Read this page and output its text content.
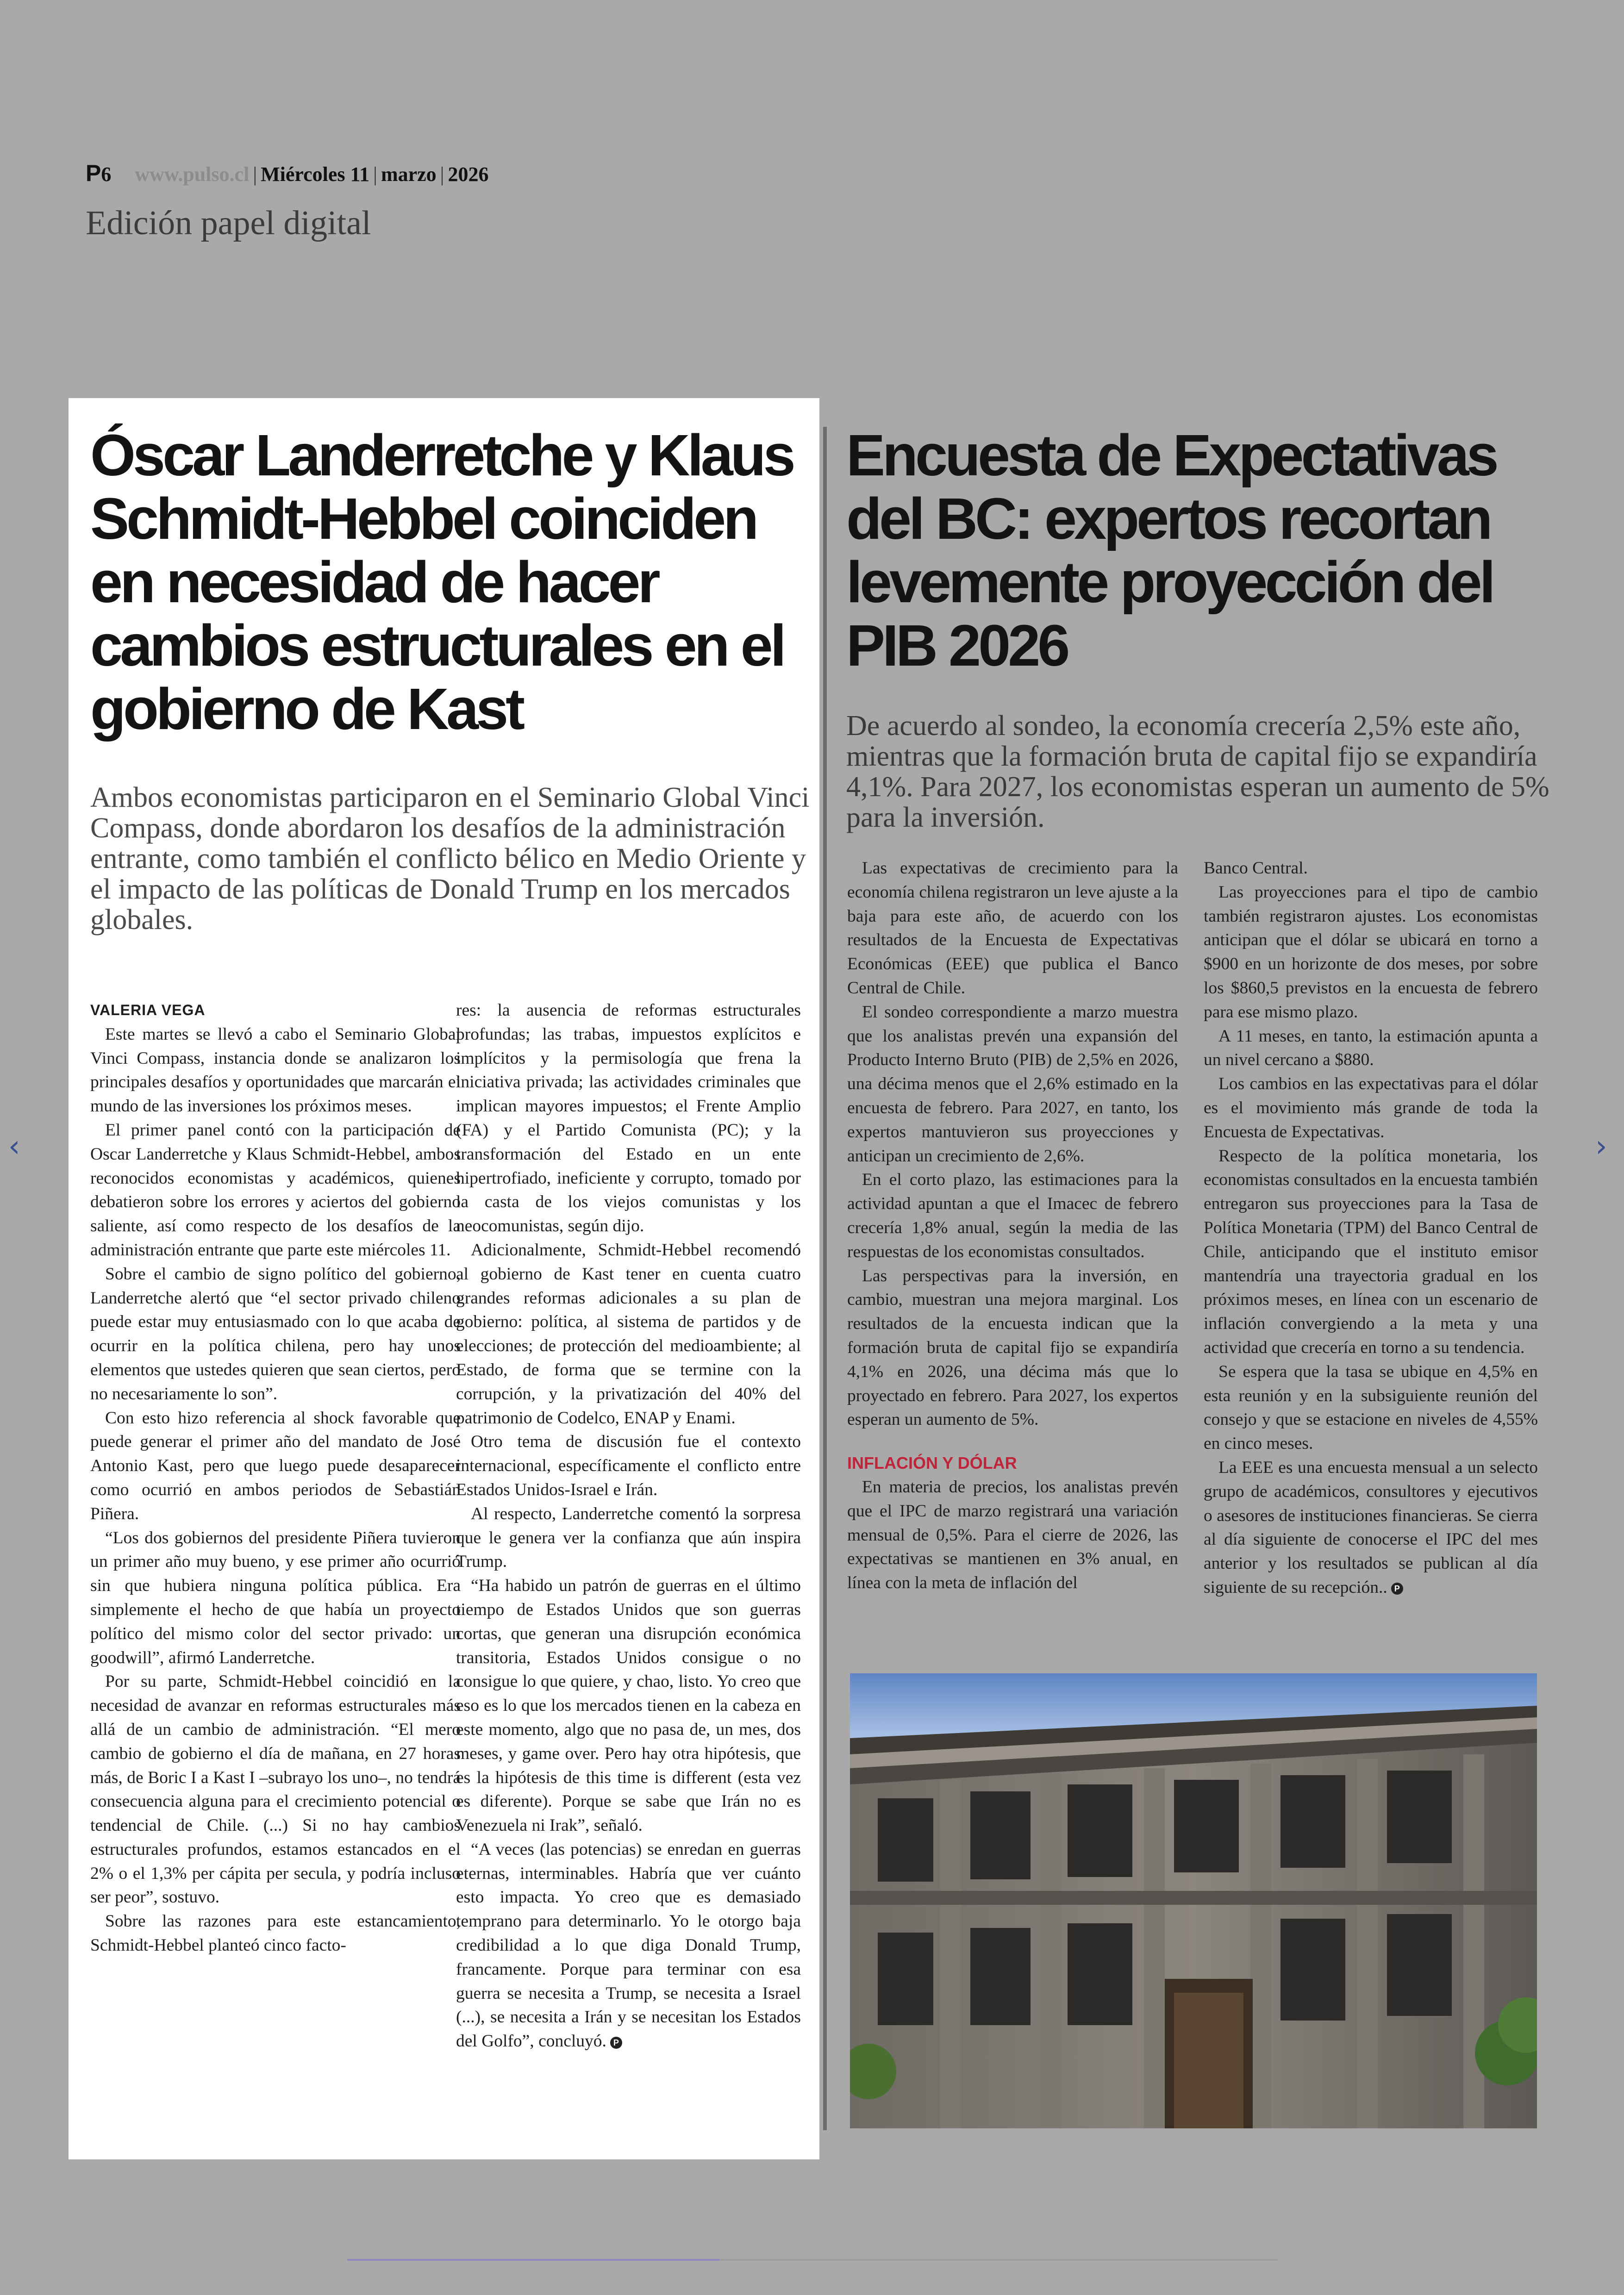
P6 www.pulso.cl | Miércoles 11 | marzo | 2026
Edición papel digital
Óscar Landerretche y Klaus Schmidt-Hebbel coinciden en necesidad de hacer cambios estructurales en el gobierno de Kast

Ambos economistas participaron en el Seminario Global Vinci Compass, donde abordaron los desafíos de la administración entrante, como también el conflicto bélico en Medio Oriente y el impacto de las políticas de Donald Trump en los mercados globales.

VALERIA VEGA

Este martes se llevó a cabo el Seminario Global Vinci Compass, instancia donde se analizaron los principales desafíos y oportunidades que marcarán el mundo de las inversiones los próximos meses.

El primer panel contó con la participación de Oscar Landerretche y Klaus Schmidt-Hebbel, ambos reconocidos economistas y académicos, quienes debatieron sobre los errores y aciertos del gobierno saliente, así como respecto de los desafíos de la administración entrante que parte este miércoles 11.

Sobre el cambio de signo político del gobierno, Landerretche alertó que “el sector privado chileno puede estar muy entusiasmado con lo que acaba de ocurrir en la política chilena, pero hay unos elementos que ustedes quieren que sean ciertos, pero no necesariamente lo son”.

Con esto hizo referencia al shock favorable que puede generar el primer año del mandato de José Antonio Kast, pero que luego puede desaparecer como ocurrió en ambos periodos de Sebastián Piñera.

“Los dos gobiernos del presidente Piñera tuvieron un primer año muy bueno, y ese primer año ocurrió sin que hubiera ninguna política pública. Era simplemente el hecho de que había un proyecto político del mismo color del sector privado: un goodwill”, afirmó Landerretche.

Por su parte, Schmidt-Hebbel coincidió en la necesidad de avanzar en reformas estructurales más allá de un cambio de administración. “El mero cambio de gobierno el día de mañana, en 27 horas más, de Boric I a Kast I –subrayo los uno–, no tendrá consecuencia alguna para el crecimiento potencial o tendencial de Chile. (...) Si no hay cambios estructurales profundos, estamos estancados en el 2% o el 1,3% per cápita per secula, y podría incluso ser peor”, sostuvo.

Sobre las razones para este estancamiento, Schmidt-Hebbel planteó cinco facto-

res: la ausencia de reformas estructurales profundas; las trabas, impuestos explícitos e implícitos y la permisología que frena la iniciativa privada; las actividades criminales que implican mayores impuestos; el Frente Amplio (FA) y el Partido Comunista (PC); y la transformación del Estado en un ente hipertrofiado, ineficiente y corrupto, tomado por la casta de los viejos comunistas y los neocomunistas, según dijo.

Adicionalmente, Schmidt-Hebbel recomendó al gobierno de Kast tener en cuenta cuatro grandes reformas adicionales a su plan de gobierno: política, al sistema de partidos y de elecciones; de protección del medioambiente; al Estado, de forma que se termine con la corrupción, y la privatización del 40% del patrimonio de Codelco, ENAP y Enami.

Otro tema de discusión fue el contexto internacional, específicamente el conflicto entre Estados Unidos-Israel e Irán.

Al respecto, Landerretche comentó la sorpresa que le genera ver la confianza que aún inspira Trump.

“Ha habido un patrón de guerras en el último tiempo de Estados Unidos que son guerras cortas, que generan una disrupción económica transitoria, Estados Unidos consigue o no consigue lo que quiere, y chao, listo. Yo creo que eso es lo que los mercados tienen en la cabeza en este momento, algo que no pasa de, un mes, dos meses, y game over. Pero hay otra hipótesis, que es la hipótesis de this time is different (esta vez es diferente). Porque se sabe que Irán no es Venezuela ni Irak”, señaló.

“A veces (las potencias) se enredan en guerras eternas, interminables. Habría que ver cuánto esto impacta. Yo creo que es demasiado temprano para determinarlo. Yo le otorgo baja credibilidad a lo que diga Donald Trump, francamente. Porque para terminar con esa guerra se necesita a Trump, se necesita a Israel (...), se necesita a Irán y se necesitan los Estados del Golfo”, concluyó. P

Encuesta de Expectativas del BC: expertos recortan levemente proyección del PIB 2026

De acuerdo al sondeo, la economía crecería 2,5% este año, mientras que la formación bruta de capital fijo se expandiría 4,1%. Para 2027, los economistas esperan un aumento de 5% para la inversión.

Las expectativas de crecimiento para la economía chilena registraron un leve ajuste a la baja para este año, de acuerdo con los resultados de la Encuesta de Expectativas Económicas (EEE) que publica el Banco Central de Chile.

El sondeo correspondiente a marzo muestra que los analistas prevén una expansión del Producto Interno Bruto (PIB) de 2,5% en 2026, una décima menos que el 2,6% estimado en la encuesta de febrero. Para 2027, en tanto, los expertos mantuvieron sus proyecciones y anticipan un crecimiento de 2,6%.

En el corto plazo, las estimaciones para la actividad apuntan a que el Imacec de febrero crecería 1,8% anual, según la media de las respuestas de los economistas consultados.

Las perspectivas para la inversión, en cambio, muestran una mejora marginal. Los resultados de la encuesta indican que la formación bruta de capital fijo se expandiría 4,1% en 2026, una décima más que lo proyectado en febrero. Para 2027, los expertos esperan un aumento de 5%.

INFLACIÓN Y DÓLAR

En materia de precios, los analistas prevén que el IPC de marzo registrará una variación mensual de 0,5%. Para el cierre de 2026, las expectativas se mantienen en 3% anual, en línea con la meta de inflación del

Banco Central.

Las proyecciones para el tipo de cambio también registraron ajustes. Los economistas anticipan que el dólar se ubicará en torno a $900 en un horizonte de dos meses, por sobre los $860,5 previstos en la encuesta de febrero para ese mismo plazo.

A 11 meses, en tanto, la estimación apunta a un nivel cercano a $880.

Los cambios en las expectativas para el dólar es el movimiento más grande de toda la Encuesta de Expectativas.

Respecto de la política monetaria, los economistas consultados en la encuesta también entregaron sus proyecciones para la Tasa de Política Monetaria (TPM) del Banco Central de Chile, anticipando que el instituto emisor mantendría una trayectoria gradual en los próximos meses, en línea con un escenario de inflación convergiendo a la meta y una actividad que crecería en torno a su tendencia.

Se espera que la tasa se ubique en 4,5% en esta reunión y en la subsiguiente reunión del consejo y que se estacione en niveles de 4,55% en cinco meses.

La EEE es una encuesta mensual a un selecto grupo de académicos, consultores y ejecutivos o asesores de instituciones financieras. Se cierra al día siguiente de conocerse el IPC del mes anterior y los resultados se publican al día siguiente de su recepción.. P

‹	›
